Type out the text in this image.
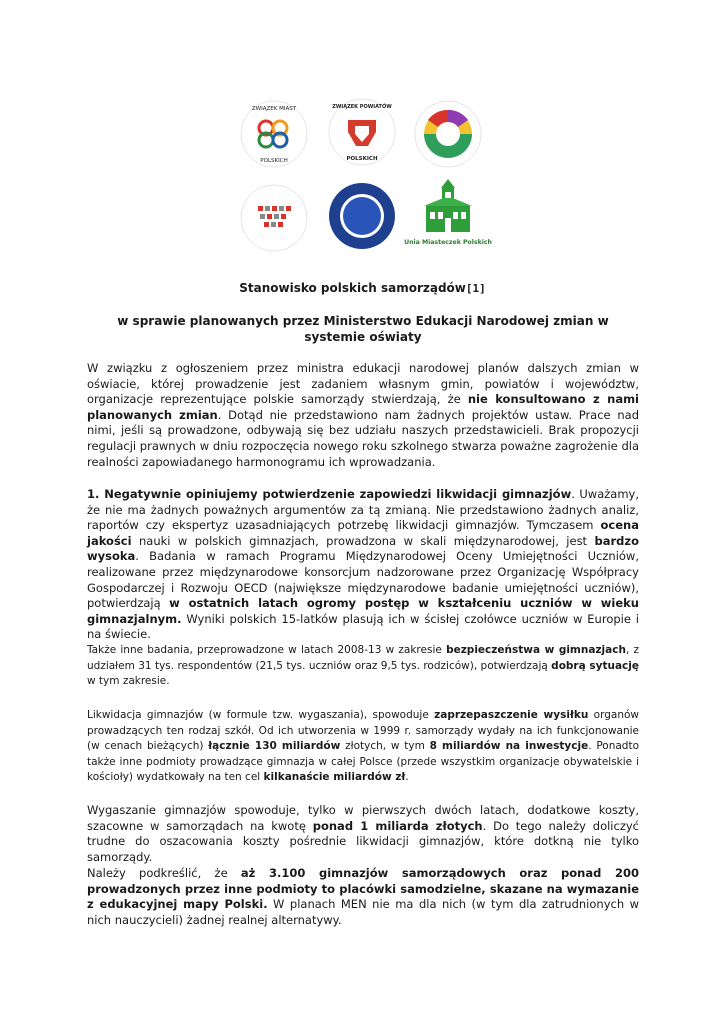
ZWIĄZEK MIAST
POLSKICH
ZWIĄZEK POWIATÓW
POLSKICH
Unia Miasteczek Polskich
Stanowisko polskich samorządów[1]
w sprawie planowanych przez Ministerstwo Edukacji Narodowej zmian w systemie oświaty

W związku z ogłoszeniem przez ministra edukacji narodowej planów dalszych zmian w oświacie, której prowadzenie jest zadaniem własnym gmin, powiatów i województw, organizacje reprezentujące polskie samorządy stwierdzają, że nie konsultowano z nami planowanych zmian. Dotąd nie przedstawiono nam żadnych projektów ustaw. Prace nad nimi, jeśli są prowadzone, odbywają się bez udziału naszych przedstawicieli. Brak propozycji regulacji prawnych w dniu rozpoczęcia nowego roku szkolnego stwarza poważne zagrożenie dla realności zapowiadanego harmonogramu ich wprowadzania.

1. Negatywnie opiniujemy potwierdzenie zapowiedzi likwidacji gimnazjów. Uważamy, że nie ma żadnych poważnych argumentów za tą zmianą. Nie przedstawiono żadnych analiz, raportów czy ekspertyz uzasadniających potrzebę likwidacji gimnazjów. Tymczasem ocena jakości nauki w polskich gimnazjach, prowadzona w skali międzynarodowej, jest bardzo wysoka. Badania w ramach Programu Międzynarodowej Oceny Umiejętności Uczniów, realizowane przez międzynarodowe konsorcjum nadzorowane przez Organizację Współpracy Gospodarczej i Rozwoju OECD (największe międzynarodowe badanie umiejętności uczniów), potwierdzają w ostatnich latach ogromy postęp w kształceniu uczniów w wieku gimnazjalnym. Wyniki polskich 15-latków plasują ich w ścisłej czołówce uczniów w Europie i na świecie.

Także inne badania, przeprowadzone w latach 2008-13 w zakresie bezpieczeństwa w gimnazjach, z udziałem 31 tys. respondentów (21,5 tys. uczniów oraz 9,5 tys. rodziców), potwierdzają dobrą sytuację w tym zakresie.

Likwidacja gimnazjów (w formule tzw. wygaszania), spowoduje zaprzepaszczenie wysiłku organów prowadzących ten rodzaj szkół. Od ich utworzenia w 1999 r. samorządy wydały na ich funkcjonowanie (w cenach bieżących) łącznie 130 miliardów złotych, w tym 8 miliardów na inwestycje. Ponadto także inne podmioty prowadzące gimnazja w całej Polsce (przede wszystkim organizacje obywatelskie i kościoły) wydatkowały na ten cel kilkanaście miliardów zł.

Wygaszanie gimnazjów spowoduje, tylko w pierwszych dwóch latach, dodatkowe koszty, szacowne w samorządach na kwotę ponad 1 miliarda złotych. Do tego należy doliczyć trudne do oszacowania koszty pośrednie likwidacji gimnazjów, które dotkną nie tylko samorządy.

Należy podkreślić, że aż 3.100 gimnazjów samorządowych oraz ponad 200 prowadzonych przez inne podmioty to placówki samodzielne, skazane na wymazanie z edukacyjnej mapy Polski. W planach MEN nie ma dla nich (w tym dla zatrudnionych w nich nauczycieli) żadnej realnej alternatywy.
